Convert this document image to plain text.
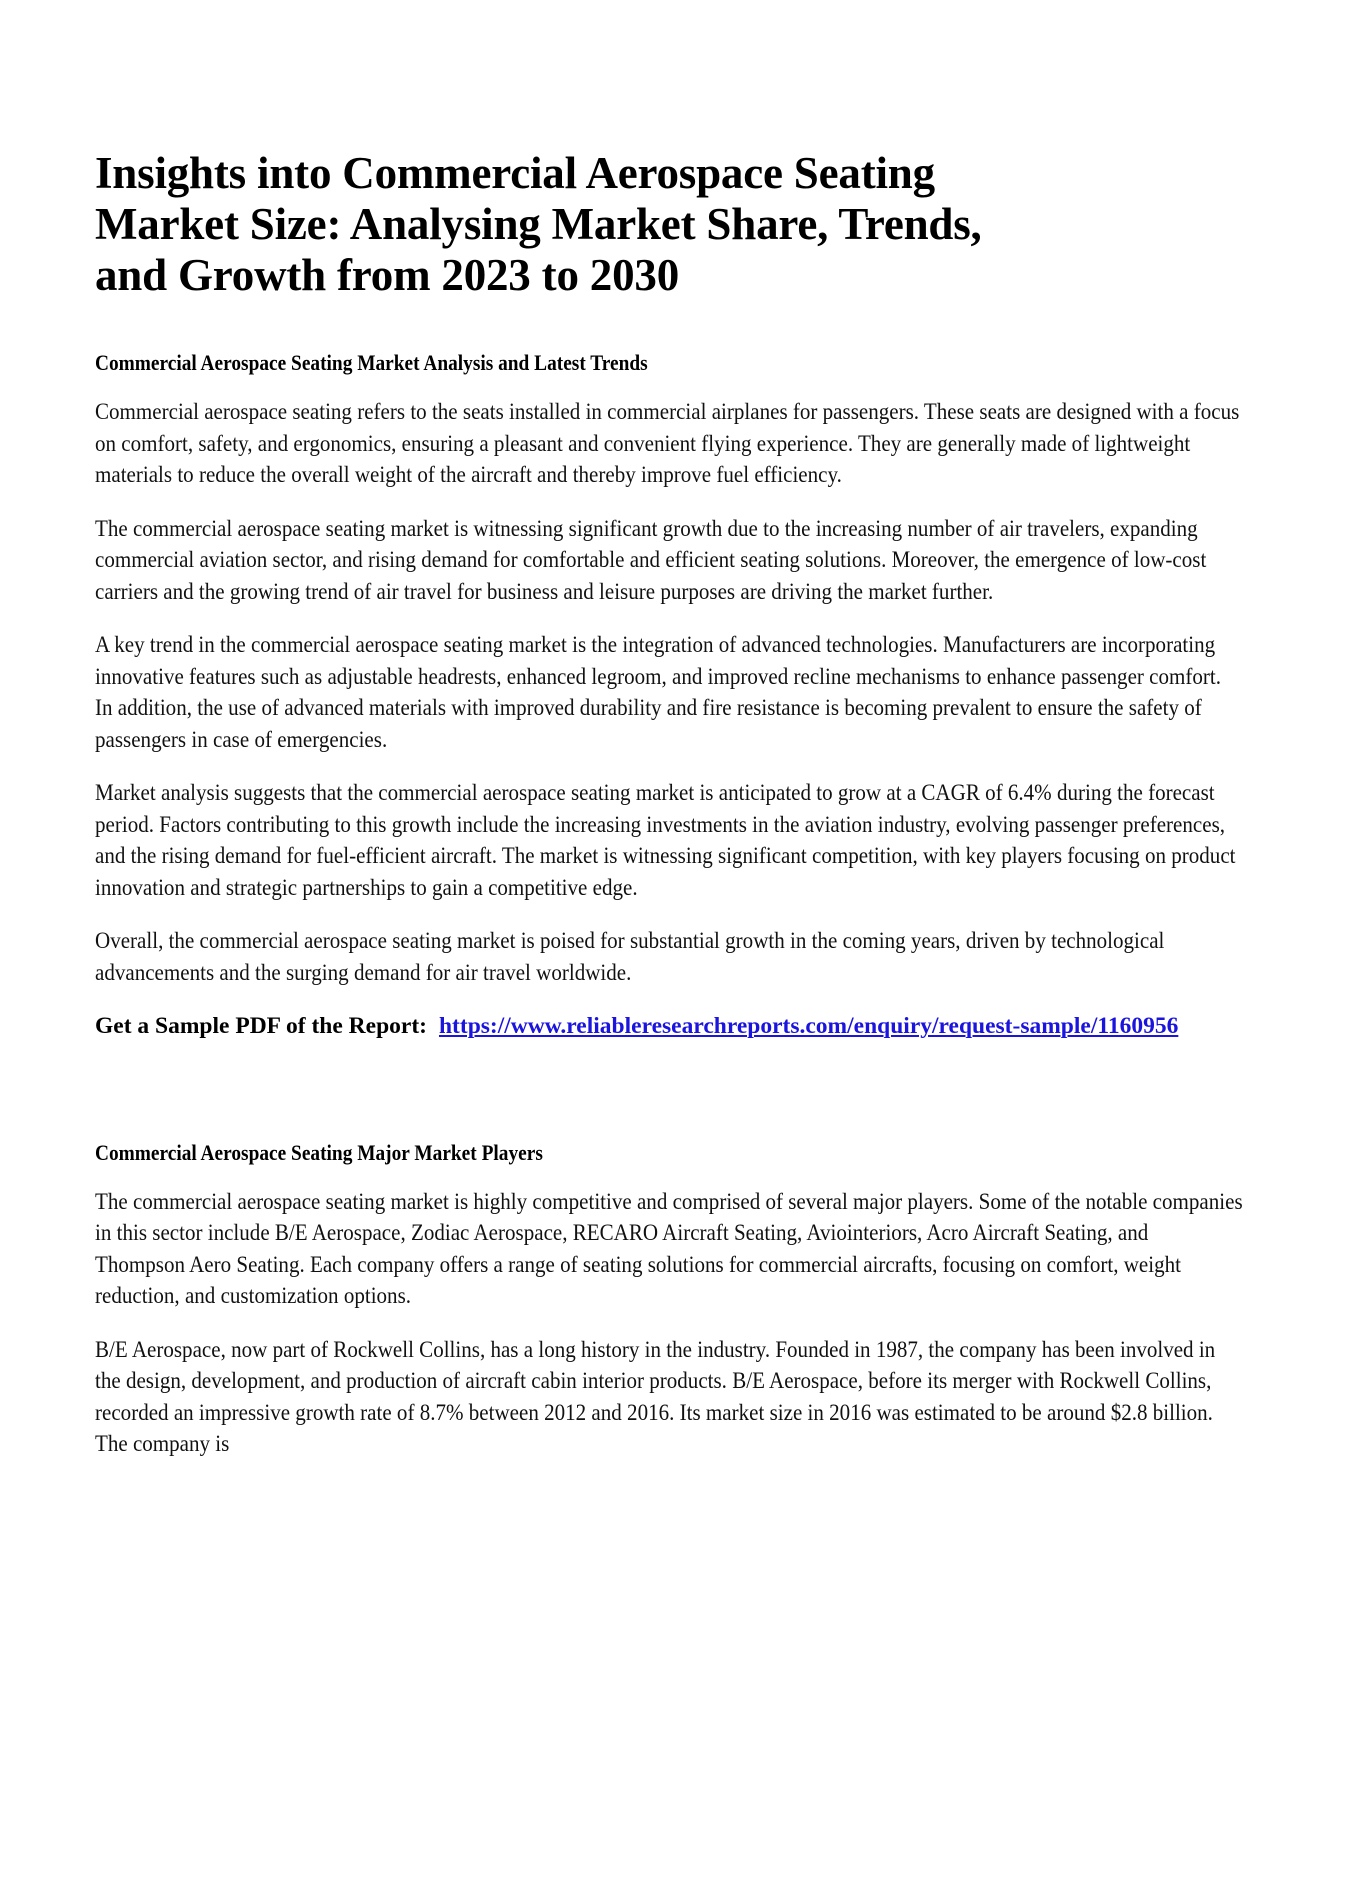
Insights into Commercial Aerospace Seating Market Size: Analysing Market Share, Trends, and Growth from 2023 to 2030
Commercial Aerospace Seating Market Analysis and Latest Trends

Commercial aerospace seating refers to the seats installed in commercial airplanes for passengers. These seats are designed with a focus on comfort, safety, and ergonomics, ensuring a pleasant and convenient flying experience. They are generally made of lightweight materials to reduce the overall weight of the aircraft and thereby improve fuel efficiency.

The commercial aerospace seating market is witnessing significant growth due to the increasing number of air travelers, expanding commercial aviation sector, and rising demand for comfortable and efficient seating solutions. Moreover, the emergence of low-cost carriers and the growing trend of air travel for business and leisure purposes are driving the market further.

A key trend in the commercial aerospace seating market is the integration of advanced technologies. Manufacturers are incorporating innovative features such as adjustable headrests, enhanced legroom, and improved recline mechanisms to enhance passenger comfort. In addition, the use of advanced materials with improved durability and fire resistance is becoming prevalent to ensure the safety of passengers in case of emergencies.

Market analysis suggests that the commercial aerospace seating market is anticipated to grow at a CAGR of 6.4% during the forecast period. Factors contributing to this growth include the increasing investments in the aviation industry, evolving passenger preferences, and the rising demand for fuel-efficient aircraft. The market is witnessing significant competition, with key players focusing on product innovation and strategic partnerships to gain a competitive edge.

Overall, the commercial aerospace seating market is poised for substantial growth in the coming years, driven by technological advancements and the surging demand for air travel worldwide.

Get a Sample PDF of the Report: https://www.reliableresearchreports.com/enquiry/request-sample/1160956

Commercial Aerospace Seating Major Market Players

The commercial aerospace seating market is highly competitive and comprised of several major players. Some of the notable companies in this sector include B/E Aerospace, Zodiac Aerospace, RECARO Aircraft Seating, Aviointeriors, Acro Aircraft Seating, and Thompson Aero Seating. Each company offers a range of seating solutions for commercial aircrafts, focusing on comfort, weight reduction, and customization options.

B/E Aerospace, now part of Rockwell Collins, has a long history in the industry. Founded in 1987, the company has been involved in the design, development, and production of aircraft cabin interior products. B/E Aerospace, before its merger with Rockwell Collins, recorded an impressive growth rate of 8.7% between 2012 and 2016. Its market size in 2016 was estimated to be around $2.8 billion. The company is
